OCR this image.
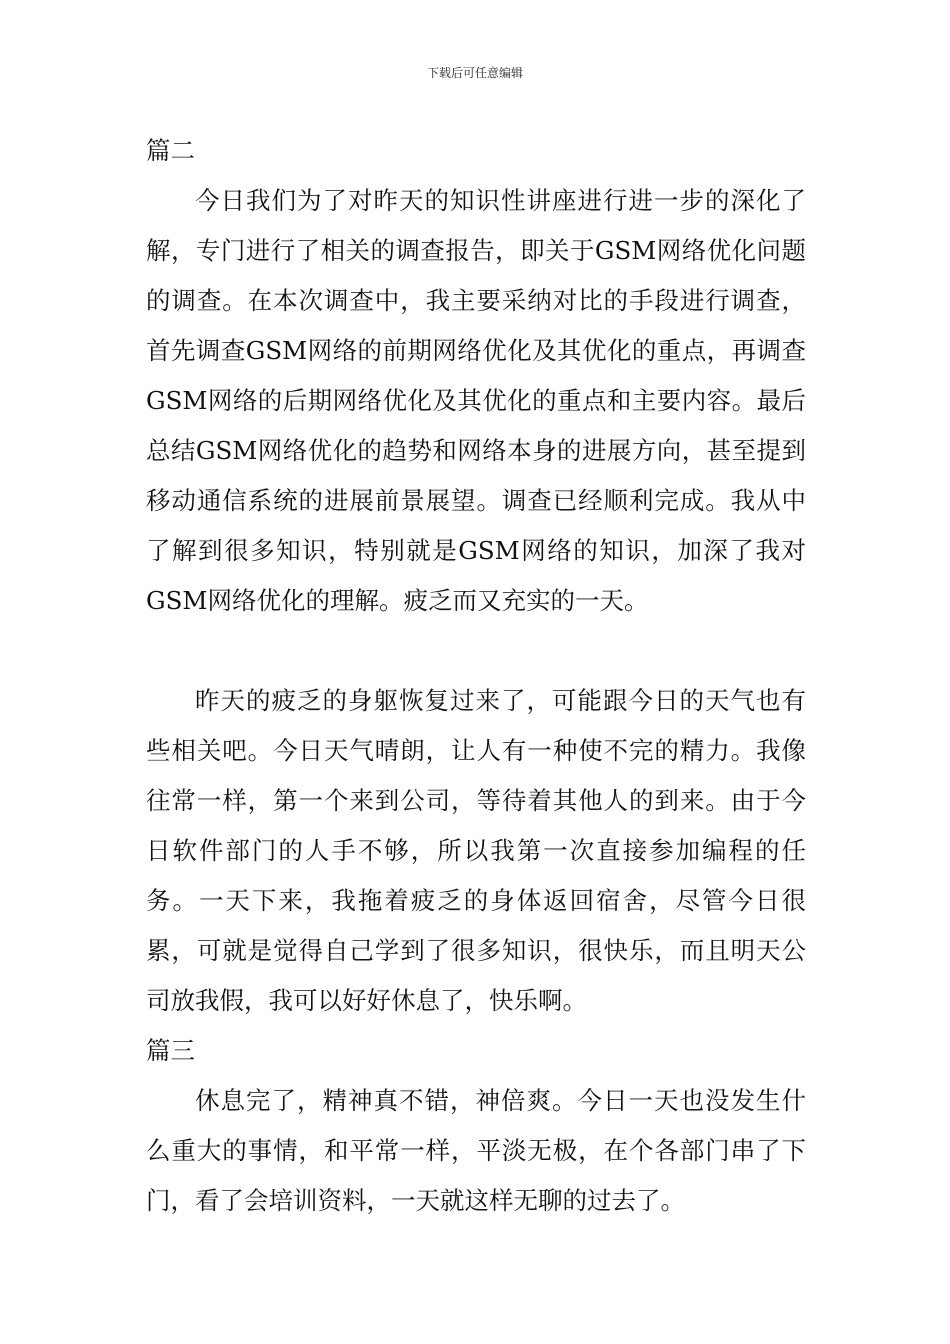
下载后可任意编辑
篇二

今日我们为了对昨天的知识性讲座进行进一步的深化了解，专门进行了相关的调查报告，即关于GSM网络优化问题的调查。在本次调查中，我主要采纳对比的手段进行调查，首先调查GSM网络的前期网络优化及其优化的重点，再调查GSM网络的后期网络优化及其优化的重点和主要内容。最后总结GSM网络优化的趋势和网络本身的进展方向，甚至提到移动通信系统的进展前景展望。调查已经顺利完成。我从中了解到很多知识，特别就是GSM网络的知识，加深了我对GSM网络优化的理解。疲乏而又充实的一天。

昨天的疲乏的身躯恢复过来了，可能跟今日的天气也有些相关吧。今日天气晴朗，让人有一种使不完的精力。我像往常一样，第一个来到公司，等待着其他人的到来。由于今日软件部门的人手不够，所以我第一次直接参加编程的任务。一天下来，我拖着疲乏的身体返回宿舍，尽管今日很累，可就是觉得自己学到了很多知识，很快乐，而且明天公司放我假，我可以好好休息了，快乐啊。

篇三

休息完了，精神真不错，神倍爽。今日一天也没发生什么重大的事情，和平常一样，平淡无极，在个各部门串了下门，看了会培训资料，一天就这样无聊的过去了。
